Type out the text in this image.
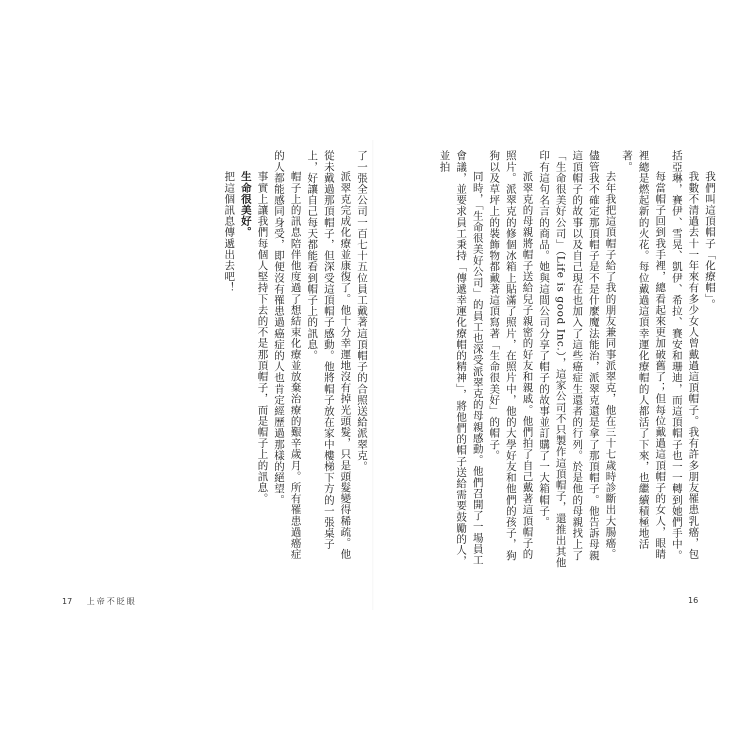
我們叫這頂帽子「化療帽」。

我數不清過去十一年來有多少女人曾戴過這頂帽子。我有許多朋友罹患乳癌，包括亞琳，賽伊、雪晃、凱伊、希拉、賽安和珊迪，而這頂帽子也一一轉到她們手中。

每當帽子回到我手裡，總看起來更加破舊了；但每位戴過這頂帽子的女人，眼睛裡總是燃起新的火花。每位戴過這頂幸運化療帽的人都活了下來，也繼續積極地活著。

去年我把這頂帽子給了我的朋友兼同事派翠克，他在三十七歲時診斷出大腸癌。儘管我不確定那頂帽子是不是什麼魔法能治，派翠克還是拿了那頂帽子。他告訴母親這頂帽子的故事以及自己現在也加入了這些癌症生還者的行列。於是他的母親找上了「生命很美好公司」（Life is good Inc.），這家公司不只製作這頂帽子，還推出其他印有這句名言的商品。她與這間公司分享了帽子的故事並訂購了一大箱帽子。

派翠克的母親將帽子送給兒子親密的好友和親戚。他們拍了自己戴著這頂帽子的照片。派翠克的修個冰箱上貼滿了照片，在照片中，他的大學好友和他們的孩子，狗狗以及草坪上的裝飾物都戴著這頂寫著「生命很美好」的帽子。

同時，「生命很美好公司」的員工也深受派翠克的母親感動。他們召開了一場員工會議，並要求員工秉持「傳遞幸運化療帽的精神」，將他們的帽子送給需要鼓勵的人，並拍

了一張全公司一百七十五位員工戴著這頂帽子的合照送給派翠克。

派翠克完成化療並康復了。他十分幸運地沒有掉光頭髮，只是頭髮變得稀疏。他從未戴過那頂帽子，但深受這頂帽子感動。他將帽子放在家中樓梯下方的一張桌子上，好讓自己每天都能看到帽子上的訊息。

帽子上的訊息陪伴他度過了想結束化療並放棄治療的艱辛歲月。所有罹患過癌症的人都能感同身受，即便沒有罹患過癌症的人也肯定經歷過那樣的絕望。

事實上讓我們每個人堅持下去的不是那頂帽子，而是帽子上的訊息。

生命很美好。

把這個訊息傳遞出去吧！

17 上帝不眨眼	16
